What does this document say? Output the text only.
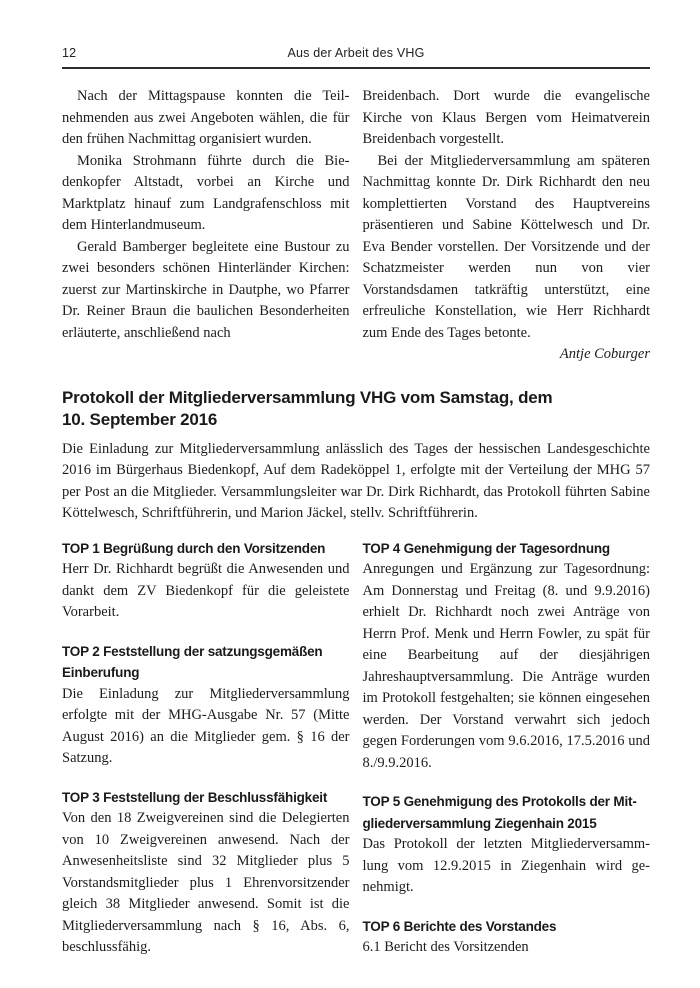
12	Aus der Arbeit des VHG

Nach der Mittagspause konnten die Teilnehmenden aus zwei Angeboten wählen, die für den frühen Nachmittag organisiert wurden.

Monika Strohmann führte durch die Biedenkopfer Altstadt, vorbei an Kirche und Marktplatz hinauf zum Landgrafenschloss mit dem Hinterlandmuseum.

Gerald Bamberger begleitete eine Bustour zu zwei besonders schönen Hinterländer Kirchen: zuerst zur Martinskirche in Dautphe, wo Pfarrer Dr. Reiner Braun die baulichen Besonderheiten erläuterte, anschließend nach

Breidenbach. Dort wurde die evangelische Kirche von Klaus Bergen vom Heimatverein Breidenbach vorgestellt.

Bei der Mitgliederversammlung am späteren Nachmittag konnte Dr. Dirk Richhardt den neu komplettierten Vorstand des Hauptvereins präsentieren und Sabine Köttelwesch und Dr. Eva Bender vorstellen. Der Vorsitzende und der Schatzmeister werden nun von vier Vorstandsdamen tatkräftig unterstützt, eine erfreuliche Konstellation, wie Herr Richhardt zum Ende des Tages betonte.

Antje Coburger

Protokoll der Mitgliederversammlung VHG vom Samstag, dem
10. September 2016

Die Einladung zur Mitgliederversammlung anlässlich des Tages der hessischen Landesgeschichte 2016 im Bürgerhaus Biedenkopf, Auf dem Radeköppel 1, erfolgte mit der Verteilung der MHG 57 per Post an die Mitglieder. Versammlungsleiter war Dr. Dirk Richhardt, das Protokoll führten Sabine Köttelwesch, Schriftführerin, und Marion Jäckel, stellv. Schriftführerin.

TOP 1 Begrüßung durch den Vorsitzenden

Herr Dr. Richhardt begrüßt die Anwesenden und dankt dem ZV Biedenkopf für die geleistete Vorarbeit.

TOP 2 Feststellung der satzungsgemäßen Einberufung

Die Einladung zur Mitgliederversammlung erfolgte mit der MHG-Ausgabe Nr. 57 (Mitte August 2016) an die Mitglieder gem. § 16 der Satzung.

TOP 3 Feststellung der Beschlussfähigkeit

Von den 18 Zweigvereinen sind die Delegierten von 10 Zweigvereinen anwesend. Nach der Anwesenheitsliste sind 32 Mitglieder plus 5 Vorstandsmitglieder plus 1 Ehrenvorsitzender gleich 38 Mitglieder anwesend. Somit ist die Mitgliederversammlung nach § 16, Abs. 6, beschlussfähig.

TOP 4 Genehmigung der Tagesordnung

Anregungen und Ergänzung zur Tagesordnung: Am Donnerstag und Freitag (8. und 9.9.2016) erhielt Dr. Richhardt noch zwei Anträge von Herrn Prof. Menk und Herrn Fowler, zu spät für eine Bearbeitung auf der diesjährigen Jahreshauptversammlung. Die Anträge wurden im Protokoll festgehalten; sie können eingesehen werden. Der Vorstand verwahrt sich jedoch gegen Forderungen vom 9.6.2016, 17.5.2016 und 8./9.9.2016.

TOP 5 Genehmigung des Protokolls der Mitgliederversammlung Ziegenhain 2015

Das Protokoll der letzten Mitgliederversammlung vom 12.9.2015 in Ziegenhain wird genehmigt.

TOP 6 Berichte des Vorstandes

6.1 Bericht des Vorsitzenden
